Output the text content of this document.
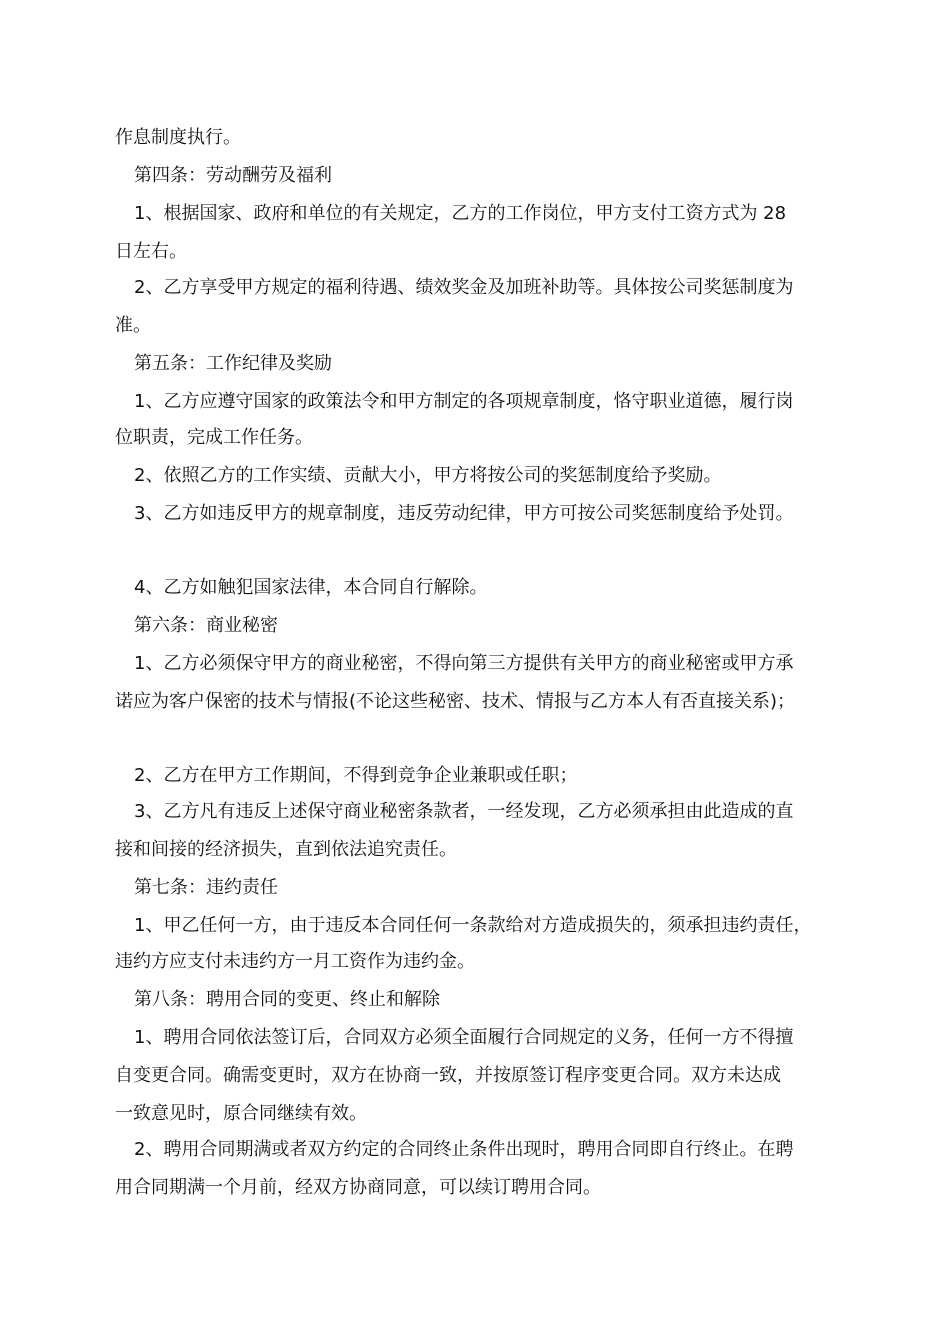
作息制度执行。
第四条：劳动酬劳及福利
1、根据国家、政府和单位的有关规定，乙方的工作岗位，甲方支付工资方式为 28
日左右。
2、乙方享受甲方规定的福利待遇、绩效奖金及加班补助等。具体按公司奖惩制度为
准。
第五条：工作纪律及奖励
1、乙方应遵守国家的政策法令和甲方制定的各项规章制度，恪守职业道德，履行岗
位职责，完成工作任务。
2、依照乙方的工作实绩、贡献大小，甲方将按公司的奖惩制度给予奖励。
3、乙方如违反甲方的规章制度，违反劳动纪律，甲方可按公司奖惩制度给予处罚。
4、乙方如触犯国家法律，本合同自行解除。
第六条：商业秘密
1、乙方必须保守甲方的商业秘密，不得向第三方提供有关甲方的商业秘密或甲方承
诺应为客户保密的技术与情报(不论这些秘密、技术、情报与乙方本人有否直接关系)；
2、乙方在甲方工作期间，不得到竞争企业兼职或任职；
3、乙方凡有违反上述保守商业秘密条款者，一经发现，乙方必须承担由此造成的直
接和间接的经济损失，直到依法追究责任。
第七条：违约责任
1、甲乙任何一方，由于违反本合同任何一条款给对方造成损失的，须承担违约责任，
违约方应支付未违约方一月工资作为违约金。
第八条：聘用合同的变更、终止和解除
1、聘用合同依法签订后，合同双方必须全面履行合同规定的义务，任何一方不得擅
自变更合同。确需变更时，双方在协商一致，并按原签订程序变更合同。双方未达成
一致意见时，原合同继续有效。
2、聘用合同期满或者双方约定的合同终止条件出现时，聘用合同即自行终止。在聘
用合同期满一个月前，经双方协商同意，可以续订聘用合同。
